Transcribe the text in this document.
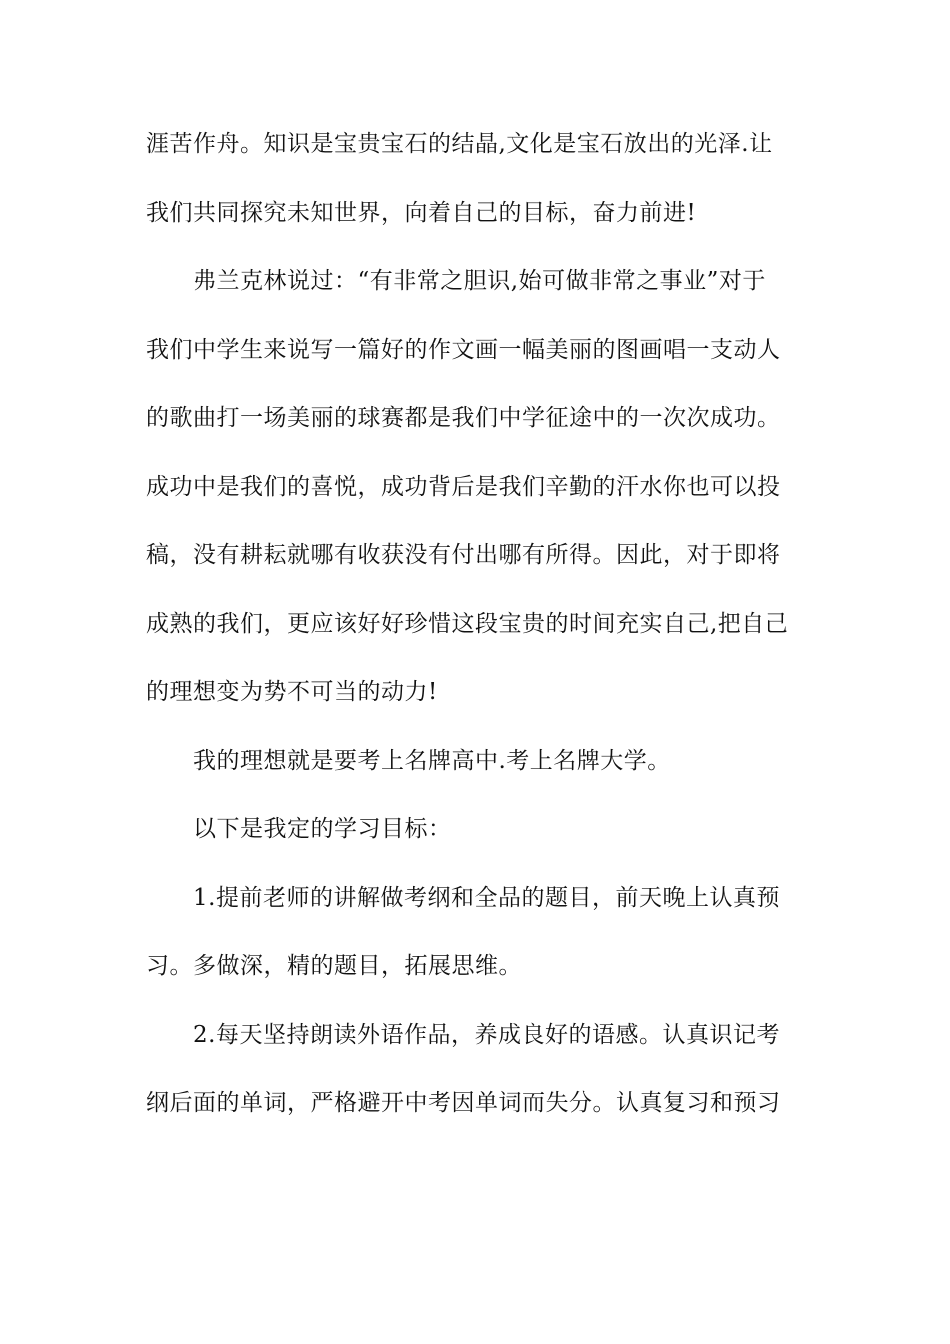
涯苦作舟。知识是宝贵宝石的结晶,文化是宝石放出的光泽.让
我们共同探究未知世界，向着自己的目标，奋力前进!
弗兰克林说过：“有非常之胆识,始可做非常之事业”对于
我们中学生来说写一篇好的作文画一幅美丽的图画唱一支动人
的歌曲打一场美丽的球赛都是我们中学征途中的一次次成功。
成功中是我们的喜悦，成功背后是我们辛勤的汗水你也可以投
稿，没有耕耘就哪有收获没有付出哪有所得。因此，对于即将
成熟的我们，更应该好好珍惜这段宝贵的时间充实自己,把自己
的理想变为势不可当的动力!
我的理想就是要考上名牌高中.考上名牌大学。
以下是我定的学习目标：
1.提前老师的讲解做考纲和全品的题目，前天晚上认真预
习。多做深，精的题目，拓展思维。
2.每天坚持朗读外语作品，养成良好的语感。认真识记考
纲后面的单词，严格避开中考因单词而失分。认真复习和预习
